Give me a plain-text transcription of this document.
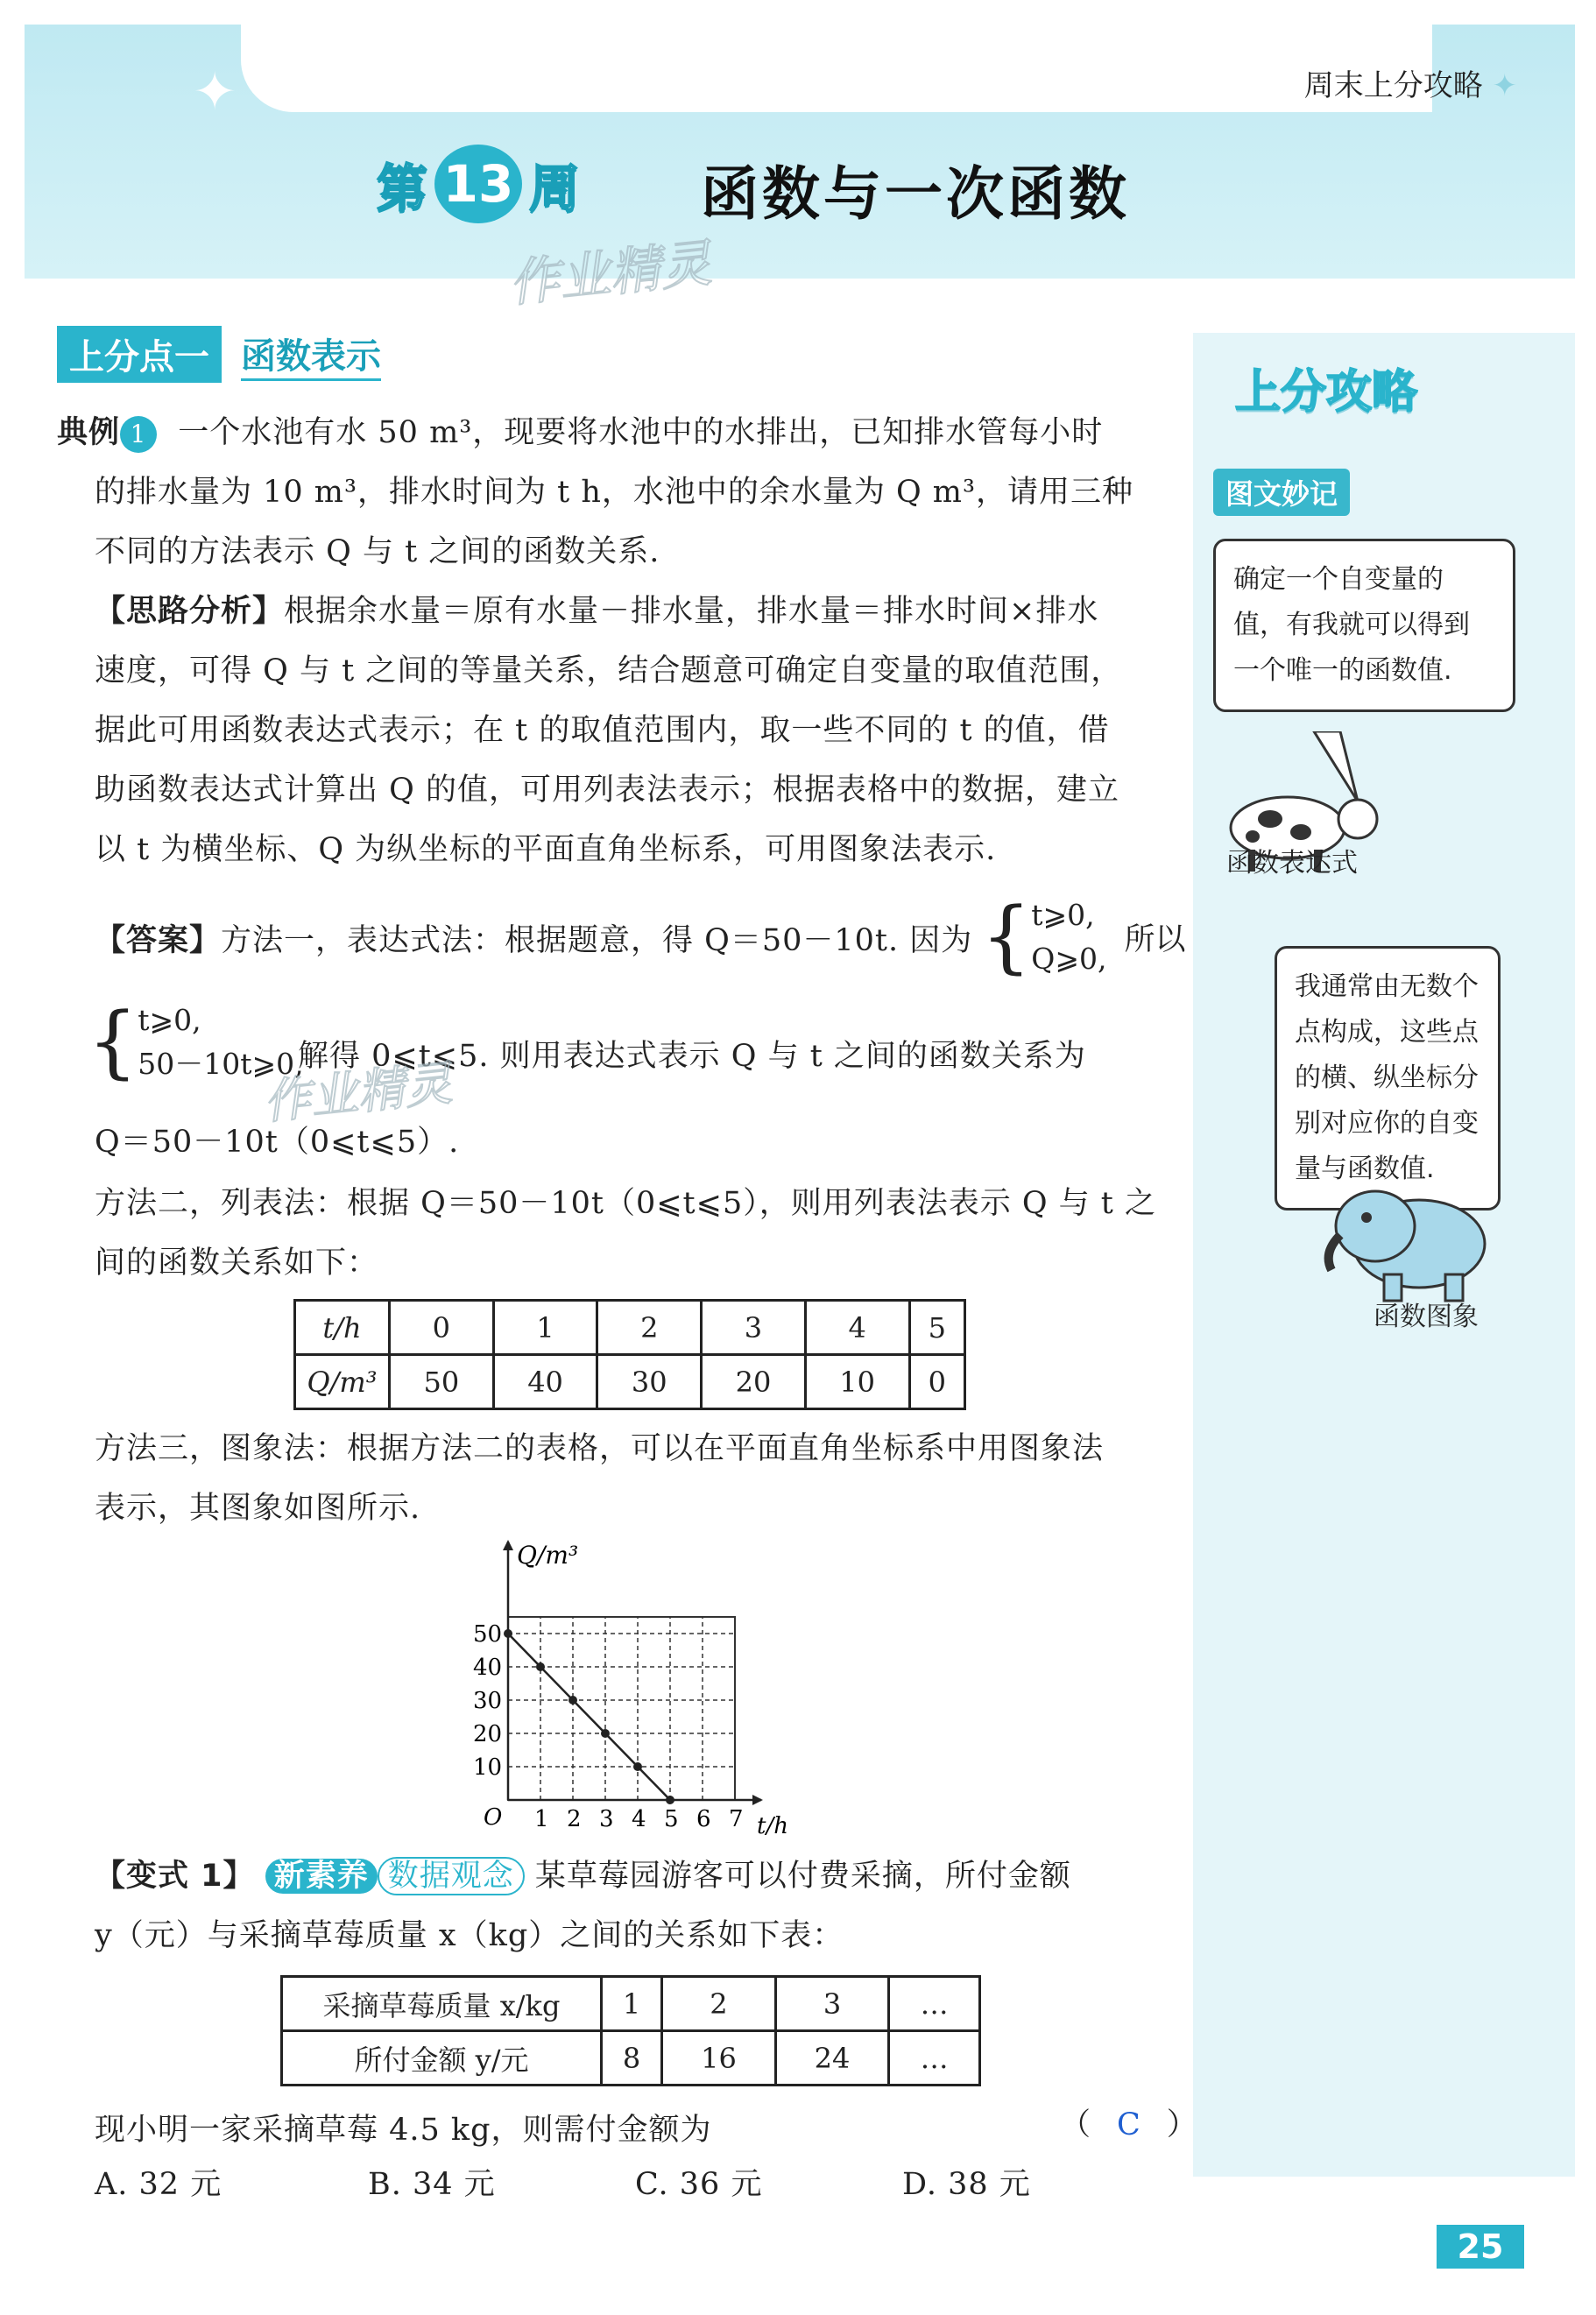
✦	周末上分攻略 ✦
第 13 周 函数与一次函数
作业精灵
上分攻略
图文妙记
确定一个自变量的值，有我就可以得到一个唯一的函数值.
函数表达式
我通常由无数个点构成，这些点的横、纵坐标分别对应你的自变量与函数值.
函数图象
上分点一 函数表示
典例 1 一个水池有水 50 m³，现要将水池中的水排出，已知排水管每小时
的排水量为 10 m³，排水时间为 t h，水池中的余水量为 Q m³，请用三种
不同的方法表示 Q 与 t 之间的函数关系.
【思路分析】根据余水量＝原有水量－排水量，排水量＝排水时间×排水
速度，可得 Q 与 t 之间的等量关系，结合题意可确定自变量的取值范围，
据此可用函数表达式表示；在 t 的取值范围内，取一些不同的 t 的值，借
助函数表达式计算出 Q 的值，可用列表法表示；根据表格中的数据，建立
以 t 为横坐标、Q 为纵坐标的平面直角坐标系，可用图象法表示.
【答案】方法一，表达式法：根据题意，得 Q＝50－10t. 因为 { t⩾0,
Q⩾0,
所以
{ t⩾0,
50－10t⩾0,
解得 0⩽t⩽5. 则用表达式表示 Q 与 t 之间的函数关系为
Q＝50－10t（0⩽t⩽5）.
作业精灵
方法二，列表法：根据 Q＝50－10t（0⩽t⩽5），则用列表法表示 Q 与 t 之
间的函数关系如下：
t/h	0	1	2	3	4	5
Q/m³	50	40	30	20	10	0
方法三，图象法：根据方法二的表格，可以在平面直角坐标系中用图象法
表示，其图象如图所示.
Q/m³
t/h
O 1 2 3 4 5 6 7
10
20
30
40
50
【变式 1】 新素养 数据观念 某草莓园游客可以付费采摘，所付金额
y（元）与采摘草莓质量 x（kg）之间的关系如下表：
采摘草莓质量 x/kg	1	2	3	…
所付金额 y/元	8	16	24	…
现小明一家采摘草莓 4.5 kg，则需付金额为	（ C ）
A. 32 元	B. 34 元	C. 36 元	D. 38 元
25
